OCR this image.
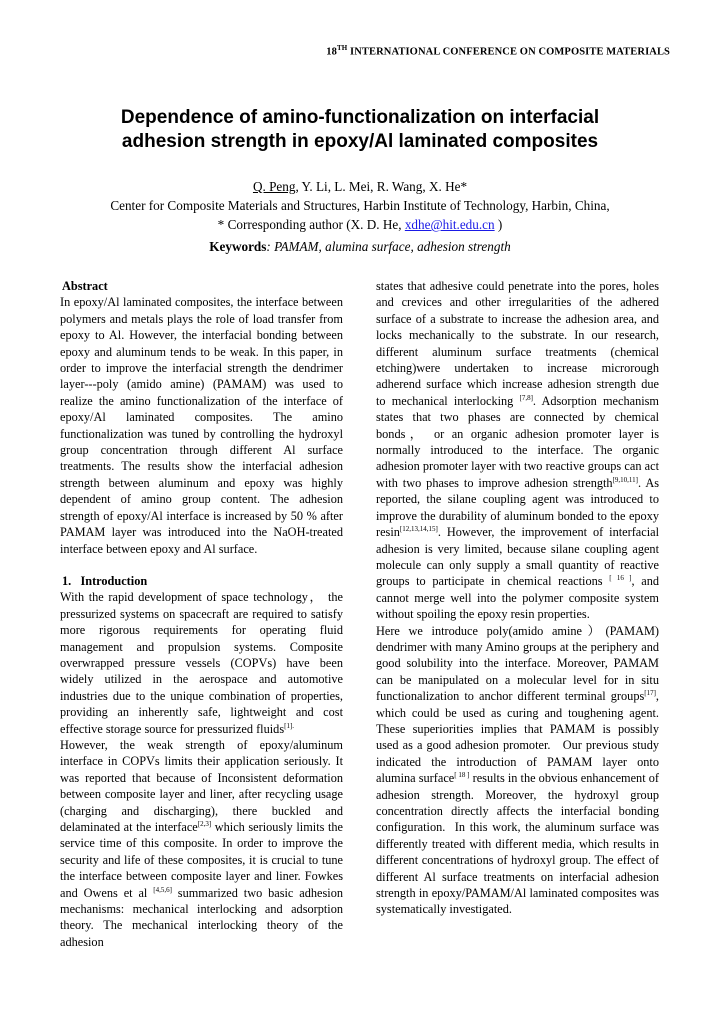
18TH INTERNATIONAL CONFERENCE ON COMPOSITE MATERIALS
Dependence of amino-functionalization on interfacial
adhesion strength in epoxy/Al laminated composites
Q. Peng, Y. Li, L. Mei, R. Wang, X. He*
Center for Composite Materials and Structures, Harbin Institute of Technology, Harbin, China,
* Corresponding author (X. D. He, xdhe@hit.edu.cn )
Keywords: PAMAM, alumina surface, adhesion strength

Abstract

In epoxy/Al laminated composites, the interface between polymers and metals plays the role of load transfer from epoxy to Al. However, the interfacial bonding between epoxy and aluminum tends to be weak. In this paper, in order to improve the interfacial strength the dendrimer layer---poly (amido amine) (PAMAM) was used to realize the amino functionalization of the interface of epoxy/Al laminated composites. The amino functionalization was tuned by controlling the hydroxyl group concentration through different Al surface treatments. The results show the interfacial adhesion strength between aluminum and epoxy was highly dependent of amino group content. The adhesion strength of epoxy/Al interface is increased by 50 % after PAMAM layer was introduced into the NaOH-treated interface between epoxy and Al surface.

1.   Introduction

With the rapid development of space technology， the pressurized systems on spacecraft are required to satisfy more rigorous requirements for operating fluid management and propulsion systems. Composite overwrapped pressure vessels (COPVs) have been widely utilized in the aerospace and automotive industries due to the unique combination of properties, providing an inherently safe, lightweight and cost effective storage source for pressurized fluids$^{[1].}$

However, the weak strength of epoxy/aluminum interface in COPVs limits their application seriously. It was reported that because of Inconsistent deformation between composite layer and liner, after recycling usage (charging and discharging), there buckled and delaminated at the interface[2,3] which seriously limits the service time of this composite. In order to improve the security and life of these composites, it is crucial to tune the interface between composite layer and liner. Fowkes and Owens et al [4,5,6] summarized two basic adhesion mechanisms: mechanical interlocking and adsorption theory. The mechanical interlocking theory of the adhesion

states that adhesive could penetrate into the pores, holes and crevices and other irregularities of the adhered surface of a substrate to increase the adhesion area, and locks mechanically to the substrate. In our research, different aluminum surface treatments (chemical etching)were undertaken to increase microrough adherend surface which increase adhesion strength due to mechanical interlocking [7,8]. Adsorption mechanism states that two phases are connected by chemical bonds， or an organic adhesion promoter layer is normally introduced to the interface. The organic adhesion promoter layer with two reactive groups can act with two phases to improve adhesion strength[9,10,11]. As reported, the silane coupling agent was introduced to improve the durability of aluminum bonded to the epoxy resin[12,13,14,15]. However, the improvement of interfacial adhesion is very limited, because silane coupling agent molecule can only supply a small quantity of reactive groups to participate in chemical reactions [ 16 ], and cannot merge well into the polymer composite system without spoiling the epoxy resin properties.

Here we introduce poly(amido amine）(PAMAM) dendrimer with many Amino groups at the periphery and good solubility into the interface. Moreover, PAMAM can be manipulated on a molecular level for in situ functionalization to anchor different terminal groups[17], which could be used as curing and toughening agent. These superiorities implies that PAMAM is possibly used as a good adhesion promoter.   Our previous study indicated the introduction of PAMAM layer onto alumina surface[ 18 ] results in the obvious enhancement of adhesion strength. Moreover, the hydroxyl group concentration directly affects the interfacial bonding configuration.  In this work, the aluminum surface was differently treated with different media, which results in different concentrations of hydroxyl group. The effect of different Al surface treatments on interfacial adhesion strength in epoxy/PAMAM/Al laminated composites was systematically investigated.
